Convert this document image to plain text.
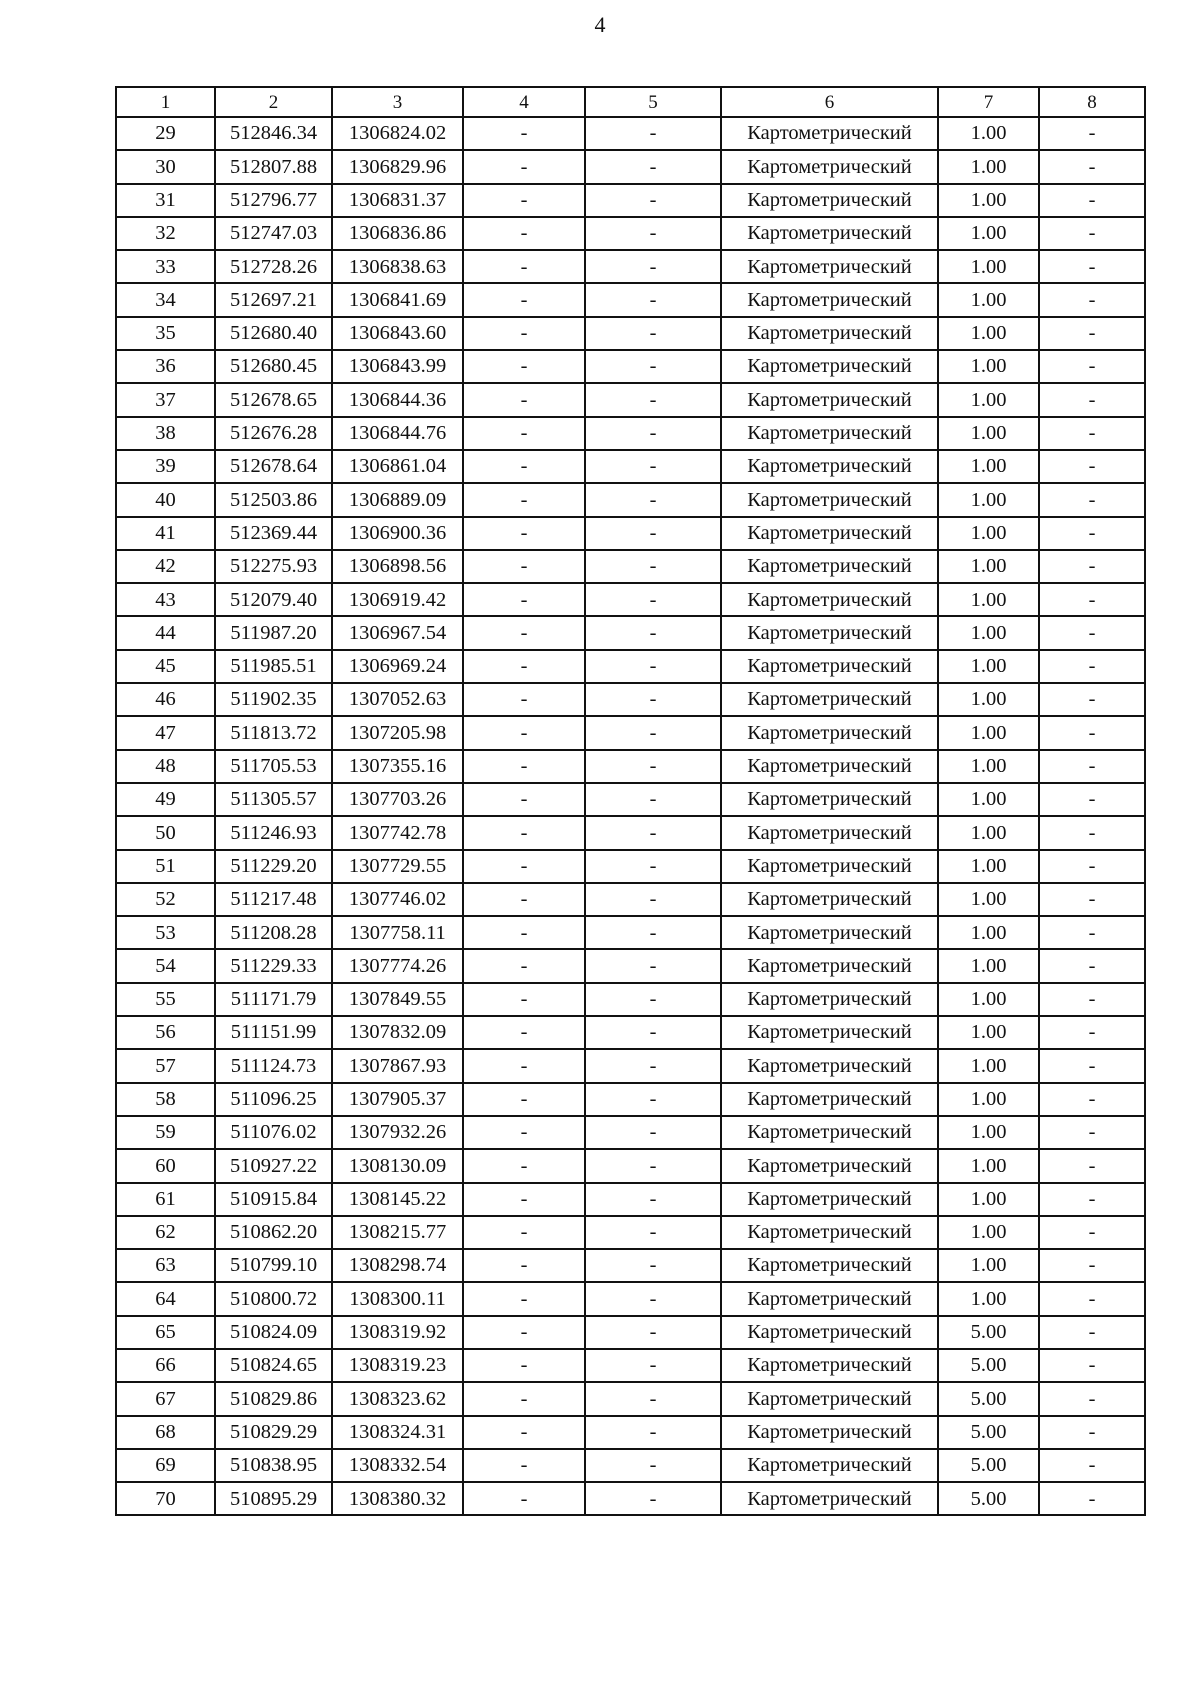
4
1	2	3	4	5	6	7	8
29	512846.34	1306824.02	-	-	Картометрический	1.00	-
30	512807.88	1306829.96	-	-	Картометрический	1.00	-
31	512796.77	1306831.37	-	-	Картометрический	1.00	-
32	512747.03	1306836.86	-	-	Картометрический	1.00	-
33	512728.26	1306838.63	-	-	Картометрический	1.00	-
34	512697.21	1306841.69	-	-	Картометрический	1.00	-
35	512680.40	1306843.60	-	-	Картометрический	1.00	-
36	512680.45	1306843.99	-	-	Картометрический	1.00	-
37	512678.65	1306844.36	-	-	Картометрический	1.00	-
38	512676.28	1306844.76	-	-	Картометрический	1.00	-
39	512678.64	1306861.04	-	-	Картометрический	1.00	-
40	512503.86	1306889.09	-	-	Картометрический	1.00	-
41	512369.44	1306900.36	-	-	Картометрический	1.00	-
42	512275.93	1306898.56	-	-	Картометрический	1.00	-
43	512079.40	1306919.42	-	-	Картометрический	1.00	-
44	511987.20	1306967.54	-	-	Картометрический	1.00	-
45	511985.51	1306969.24	-	-	Картометрический	1.00	-
46	511902.35	1307052.63	-	-	Картометрический	1.00	-
47	511813.72	1307205.98	-	-	Картометрический	1.00	-
48	511705.53	1307355.16	-	-	Картометрический	1.00	-
49	511305.57	1307703.26	-	-	Картометрический	1.00	-
50	511246.93	1307742.78	-	-	Картометрический	1.00	-
51	511229.20	1307729.55	-	-	Картометрический	1.00	-
52	511217.48	1307746.02	-	-	Картометрический	1.00	-
53	511208.28	1307758.11	-	-	Картометрический	1.00	-
54	511229.33	1307774.26	-	-	Картометрический	1.00	-
55	511171.79	1307849.55	-	-	Картометрический	1.00	-
56	511151.99	1307832.09	-	-	Картометрический	1.00	-
57	511124.73	1307867.93	-	-	Картометрический	1.00	-
58	511096.25	1307905.37	-	-	Картометрический	1.00	-
59	511076.02	1307932.26	-	-	Картометрический	1.00	-
60	510927.22	1308130.09	-	-	Картометрический	1.00	-
61	510915.84	1308145.22	-	-	Картометрический	1.00	-
62	510862.20	1308215.77	-	-	Картометрический	1.00	-
63	510799.10	1308298.74	-	-	Картометрический	1.00	-
64	510800.72	1308300.11	-	-	Картометрический	1.00	-
65	510824.09	1308319.92	-	-	Картометрический	5.00	-
66	510824.65	1308319.23	-	-	Картометрический	5.00	-
67	510829.86	1308323.62	-	-	Картометрический	5.00	-
68	510829.29	1308324.31	-	-	Картометрический	5.00	-
69	510838.95	1308332.54	-	-	Картометрический	5.00	-
70	510895.29	1308380.32	-	-	Картометрический	5.00	-
